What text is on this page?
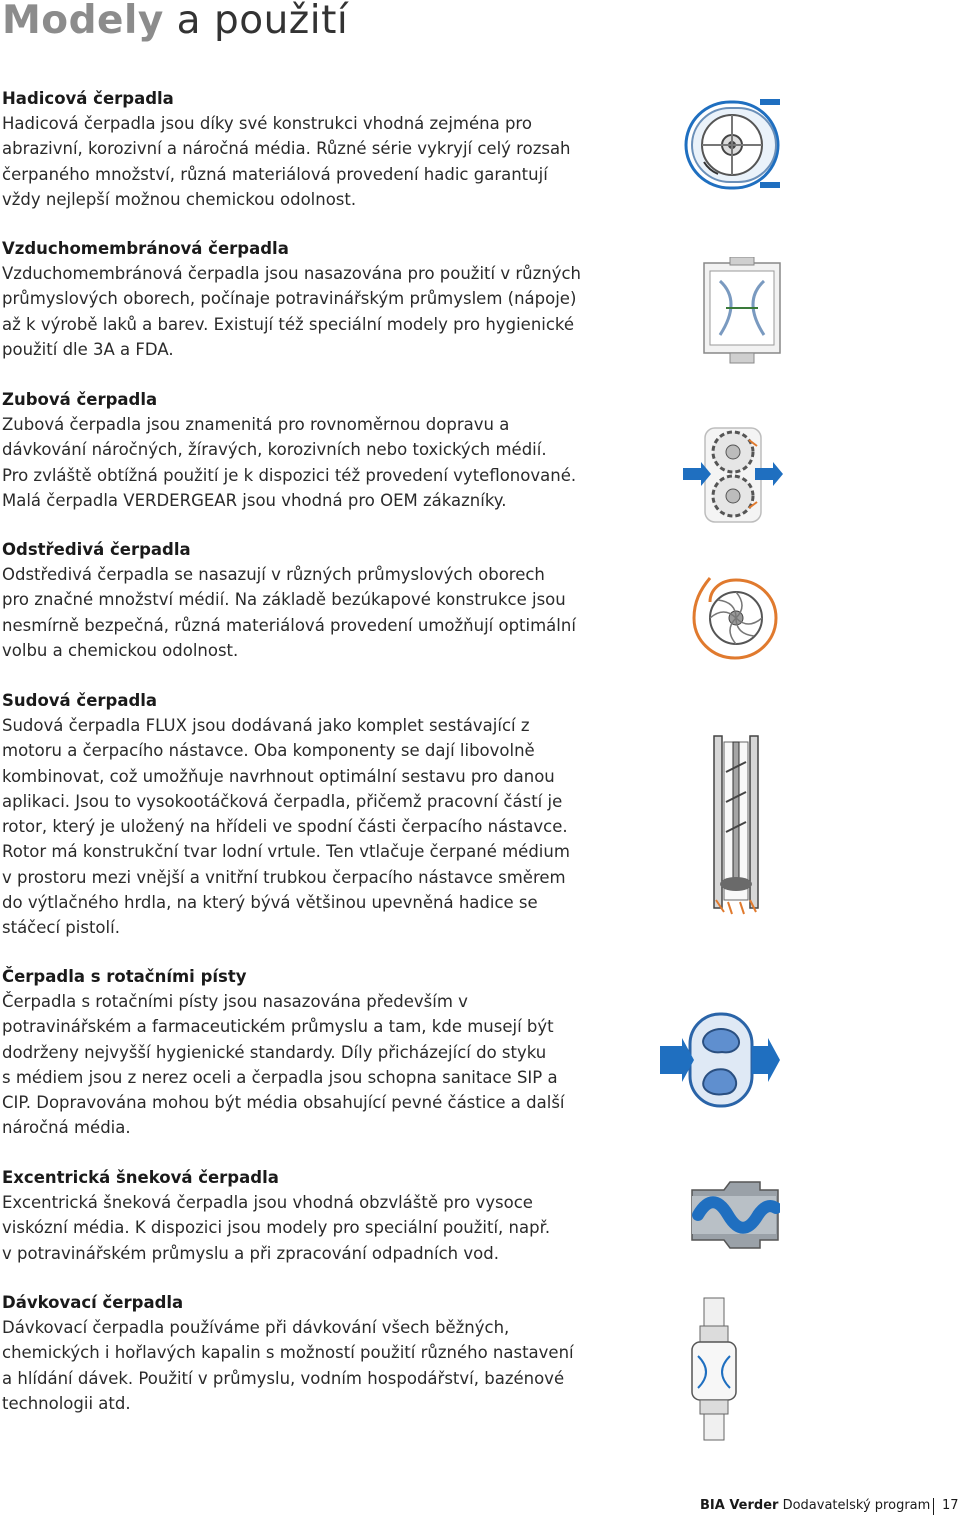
Modely a použití
Hadicová čerpadla
Hadicová čerpadla jsou díky své konstrukci vhodná zejména pro
abrazivní, korozivní a náročná média. Různé série vykryjí celý rozsah
čerpaného množství, různá materiálová provedení hadic garantují
vždy nejlepší možnou chemickou odolnost.
Vzduchomembránová čerpadla
Vzduchomembránová čerpadla jsou nasazována pro použití v různých
průmyslových oborech, počínaje potravinářským průmyslem (nápoje)
až k výrobě laků a barev. Existují též speciální modely pro hygienické
použití dle 3A a FDA.
Zubová čerpadla
Zubová čerpadla jsou znamenitá pro rovnoměrnou dopravu a
dávkování náročných, žíravých, korozivních nebo toxických médií.
Pro zvláště obtížná použití je k dispozici též provedení vyteflonované.
Malá čerpadla VERDERGEAR jsou vhodná pro OEM zákazníky.
Odstředivá čerpadla
Odstředivá čerpadla se nasazují v různých průmyslových oborech
pro značné množství médií. Na základě bezúkapové konstrukce jsou
nesmírně bezpečná, různá materiálová provedení umožňují optimální
volbu a chemickou odolnost.
Sudová čerpadla
Sudová čerpadla FLUX jsou dodávaná jako komplet sestávající z
motoru a čerpacího nástavce. Oba komponenty se dají libovolně
kombinovat, což umožňuje navrhnout optimální sestavu pro danou
aplikaci. Jsou to vysokootáčková čerpadla, přičemž pracovní částí je
rotor, který je uložený na hřídeli ve spodní části čerpacího nástavce.
Rotor má konstrukční tvar lodní vrtule. Ten vtlačuje čerpané médium
v prostoru mezi vnější a vnitřní trubkou čerpacího nástavce směrem
do výtlačného hrdla, na který bývá většinou upevněná hadice se
stáčecí pistolí.
Čerpadla s rotačními písty
Čerpadla s rotačními písty jsou nasazována především v
potravinářském a farmaceutickém průmyslu a tam, kde musejí být
dodrženy nejvyšší hygienické standardy. Díly přicházející do styku
s médiem jsou z nerez oceli a čerpadla jsou schopna sanitace SIP a
CIP. Dopravována mohou být média obsahující pevné částice a další
náročná média.
Excentrická šneková čerpadla
Excentrická šneková čerpadla jsou vhodná obzvláště pro vysoce
viskózní média. K dispozici jsou modely pro speciální použití, např.
v potravinářském průmyslu a při zpracování odpadních vod.
Dávkovací čerpadla
Dávkovací čerpadla používáme při dávkování všech běžných,
chemických i hořlavých kapalin s možností použití různého nastavení
a hlídání dávek. Použití v průmyslu, vodním hospodářství, bazénové
technologii atd.
BIA Verder Dodavatelský program 17
